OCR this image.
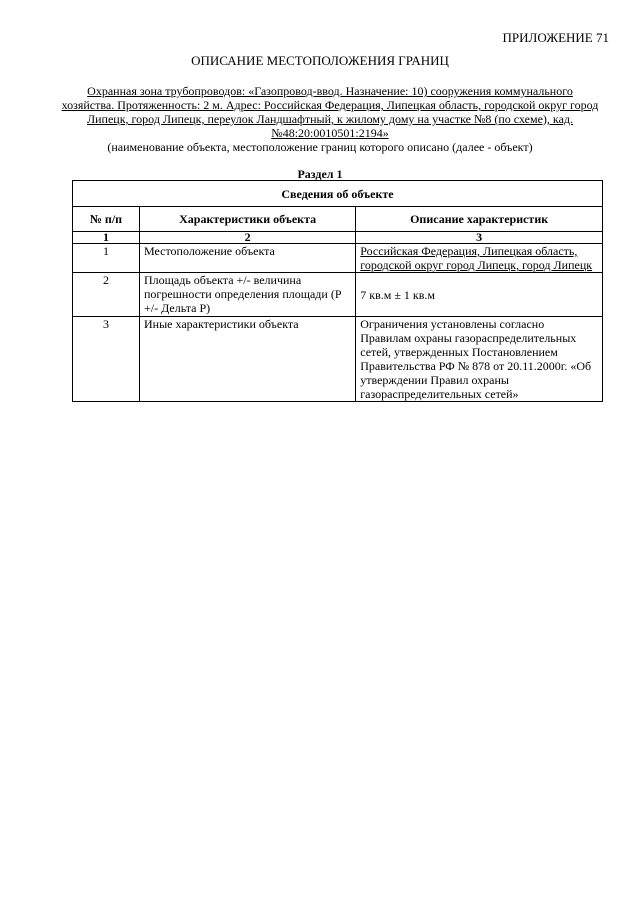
ПРИЛОЖЕНИЕ 71
ОПИСАНИЕ МЕСТОПОЛОЖЕНИЯ ГРАНИЦ
Охранная зона трубопроводов: «Газопровод-ввод. Назначение: 10) сооружения коммунального хозяйства. Протяженность: 2 м. Адрес: Российская Федерация, Липецкая область, городской округ город Липецк, город Липецк, переулок Ландшафтный, к жилому дому на участке №8 (по схеме), кад. №48:20:0010501:2194»
(наименование объекта, местоположение границ которого описано (далее - объект)
Раздел 1
Сведения об объекте		
№ п/п	Характеристики объекта	Описание характеристик
1	2	3
1	Местоположение объекта	Российская Федерация, Липецкая область, городской округ город Липецк, город Липецк
2	Площадь объекта +/- величина погрешности определения площади (Р +/- Дельта Р)	7 кв.м ± 1 кв.м
3	Иные характеристики объекта	Ограничения установлены согласно Правилам охраны газораспределительных сетей, утвержденных Постановлением Правительства РФ № 878 от 20.11.2000г. «Об утверждении Правил охраны газораспределительных сетей»
